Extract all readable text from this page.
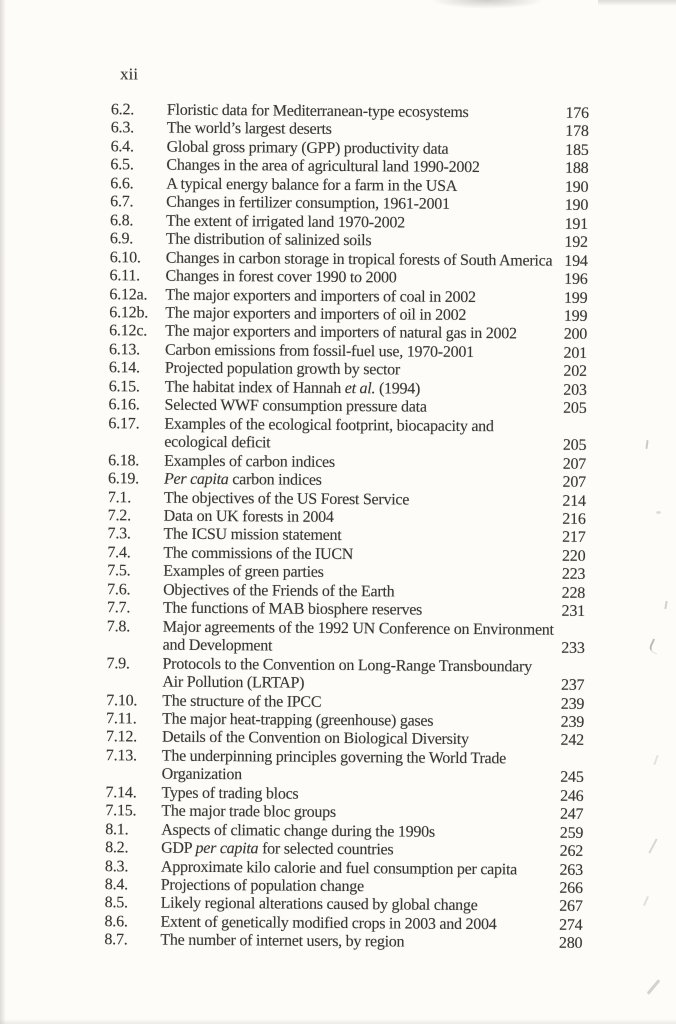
xii
6.2.	Floristic data for Mediterranean-type ecosystems	176
6.3.	The world’s largest deserts	178
6.4.	Global gross primary (GPP) productivity data	185
6.5.	Changes in the area of agricultural land 1990-2002	188
6.6.	A typical energy balance for a farm in the USA	190
6.7.	Changes in fertilizer consumption, 1961-2001	190
6.8.	The extent of irrigated land 1970-2002	191
6.9.	The distribution of salinized soils	192
6.10.	Changes in carbon storage in tropical forests of South America 194
6.11.	Changes in forest cover 1990 to 2000	196
6.12a.	The major exporters and importers of coal in 2002	199
6.12b.	The major exporters and importers of oil in 2002	199
6.12c.	The major exporters and importers of natural gas in 2002	200
6.13.	Carbon emissions from fossil-fuel use, 1970-2001	201
6.14.	Projected population growth by sector	202
6.15.	The habitat index of Hannah et al. (1994)	203
6.16.	Selected WWF consumption pressure data	205
6.17.	Examples of the ecological footprint, biocapacity and
ecological deficit	205
6.18.	Examples of carbon indices	207
6.19.	Per capita carbon indices	207
7.1.	The objectives of the US Forest Service	214
7.2.	Data on UK forests in 2004	216
7.3.	The ICSU mission statement	217
7.4.	The commissions of the IUCN	220
7.5.	Examples of green parties	223
7.6.	Objectives of the Friends of the Earth	228
7.7.	The functions of MAB biosphere reserves	231
7.8.	Major agreements of the 1992 UN Conference on Environment
and Development	233
7.9.	Protocols to the Convention on Long-Range Transboundary
Air Pollution (LRTAP)	237
7.10.	The structure of the IPCC	239
7.11.	The major heat-trapping (greenhouse) gases	239
7.12.	Details of the Convention on Biological Diversity	242
7.13.	The underpinning principles governing the World Trade
Organization	245
7.14.	Types of trading blocs	246
7.15.	The major trade bloc groups	247
8.1.	Aspects of climatic change during the 1990s	259
8.2.	GDP per capita for selected countries	262
8.3.	Approximate kilo calorie and fuel consumption per capita	263
8.4.	Projections of population change	266
8.5.	Likely regional alterations caused by global change	267
8.6.	Extent of genetically modified crops in 2003 and 2004	274
8.7.	The number of internet users, by region	280
